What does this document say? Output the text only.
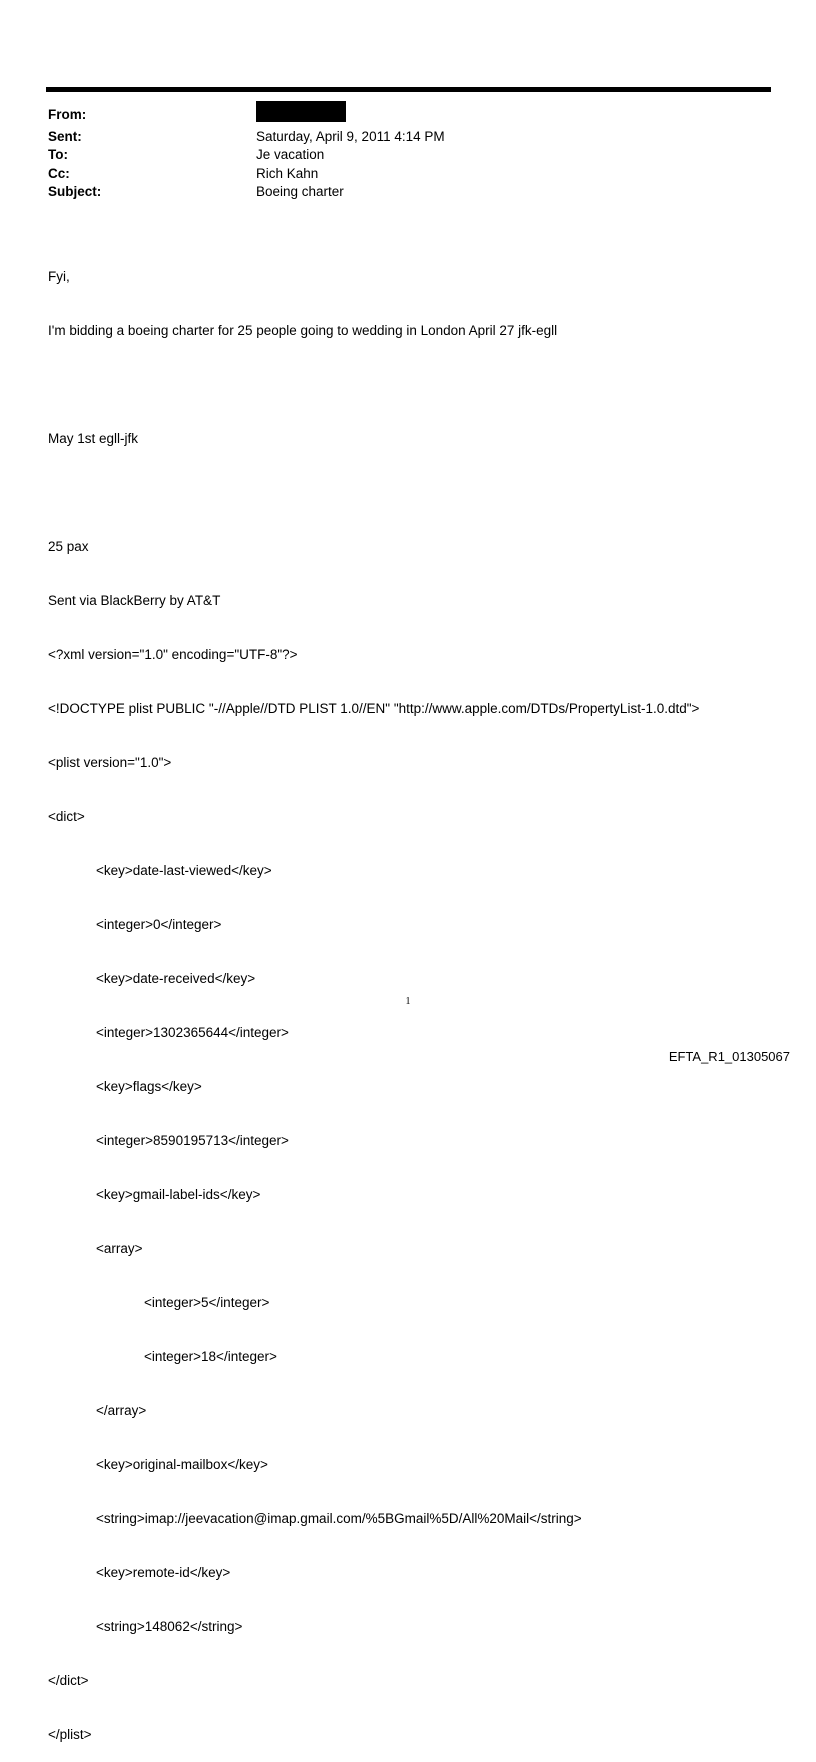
From:
Sent:	Saturday, April 9, 2011 4:14 PM
To:	Je vacation
Cc:	Rich Kahn
Subject:	Boeing charter

Fyi,

I'm bidding a boeing charter for 25 people going to wedding in London April 27 jfk-egll

May 1st egll-jfk

25 pax

Sent via BlackBerry by AT&T

<?xml version="1.0" encoding="UTF-8"?>

<!DOCTYPE plist PUBLIC "-//Apple//DTD PLIST 1.0//EN" "http://www.apple.com/DTDs/PropertyList-1.0.dtd">

<plist version="1.0">

<dict>

<key>date-last-viewed</key>

<integer>0</integer>

<key>date-received</key>

<integer>1302365644</integer>

<key>flags</key>

<integer>8590195713</integer>

<key>gmail-label-ids</key>

<array>

<integer>5</integer>

<integer>18</integer>

</array>

<key>original-mailbox</key>

<string>imap://jeevacation@imap.gmail.com/%5BGmail%5D/All%20Mail</string>

<key>remote-id</key>

<string>148062</string>

</dict>

</plist>

1
EFTA_R1_01305067
